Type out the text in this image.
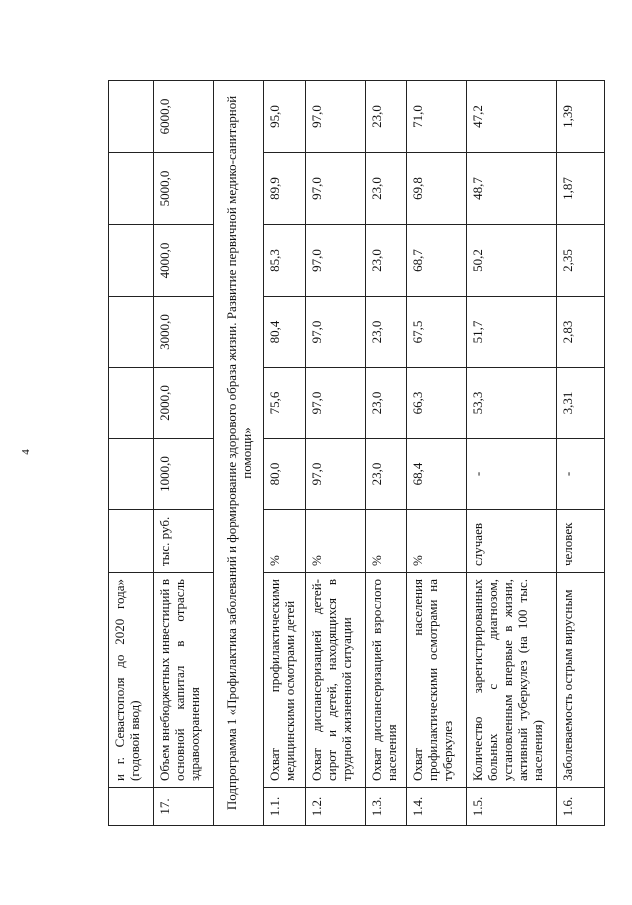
4
	и г. Севастополя до 2020 года» (годовой ввод)							
17.	Объем внебюджетных инвестиций в основной капитал в отрасль здравоохранения	тыс. руб.	1000,0	2000,0	3000,0	4000,0	5000,0	6000,0
Подпрограмма 1 «Профилактика заболеваний и формирование здорового образа жизни. Развитие первичной медико-санитарной помощи»								
1.1.	Охват профилактическими медицинскими осмотрами детей	%	80,0	75,6	80,4	85,3	89,9	95,0
1.2.	Охват диспансеризацией детей-сирот и детей, находящихся в трудной жизненной ситуации	%	97,0	97,0	97,0	97,0	97,0	97,0
1.3.	Охват диспансеризацией взрослого населения	%	23,0	23,0	23,0	23,0	23,0	23,0
1.4.	Охват населения профилактическими осмотрами на туберкулез	%	68,4	66,3	67,5	68,7	69,8	71,0
1.5.	Количество зарегистрированных больных с диагнозом, установленным впервые в жизни, активный туберкулез (на 100 тыс. населения)	случаев	-	53,3	51,7	50,2	48,7	47,2
1.6.	Заболеваемость острым вирусным	человек	-	3,31	2,83	2,35	1,87	1,39
